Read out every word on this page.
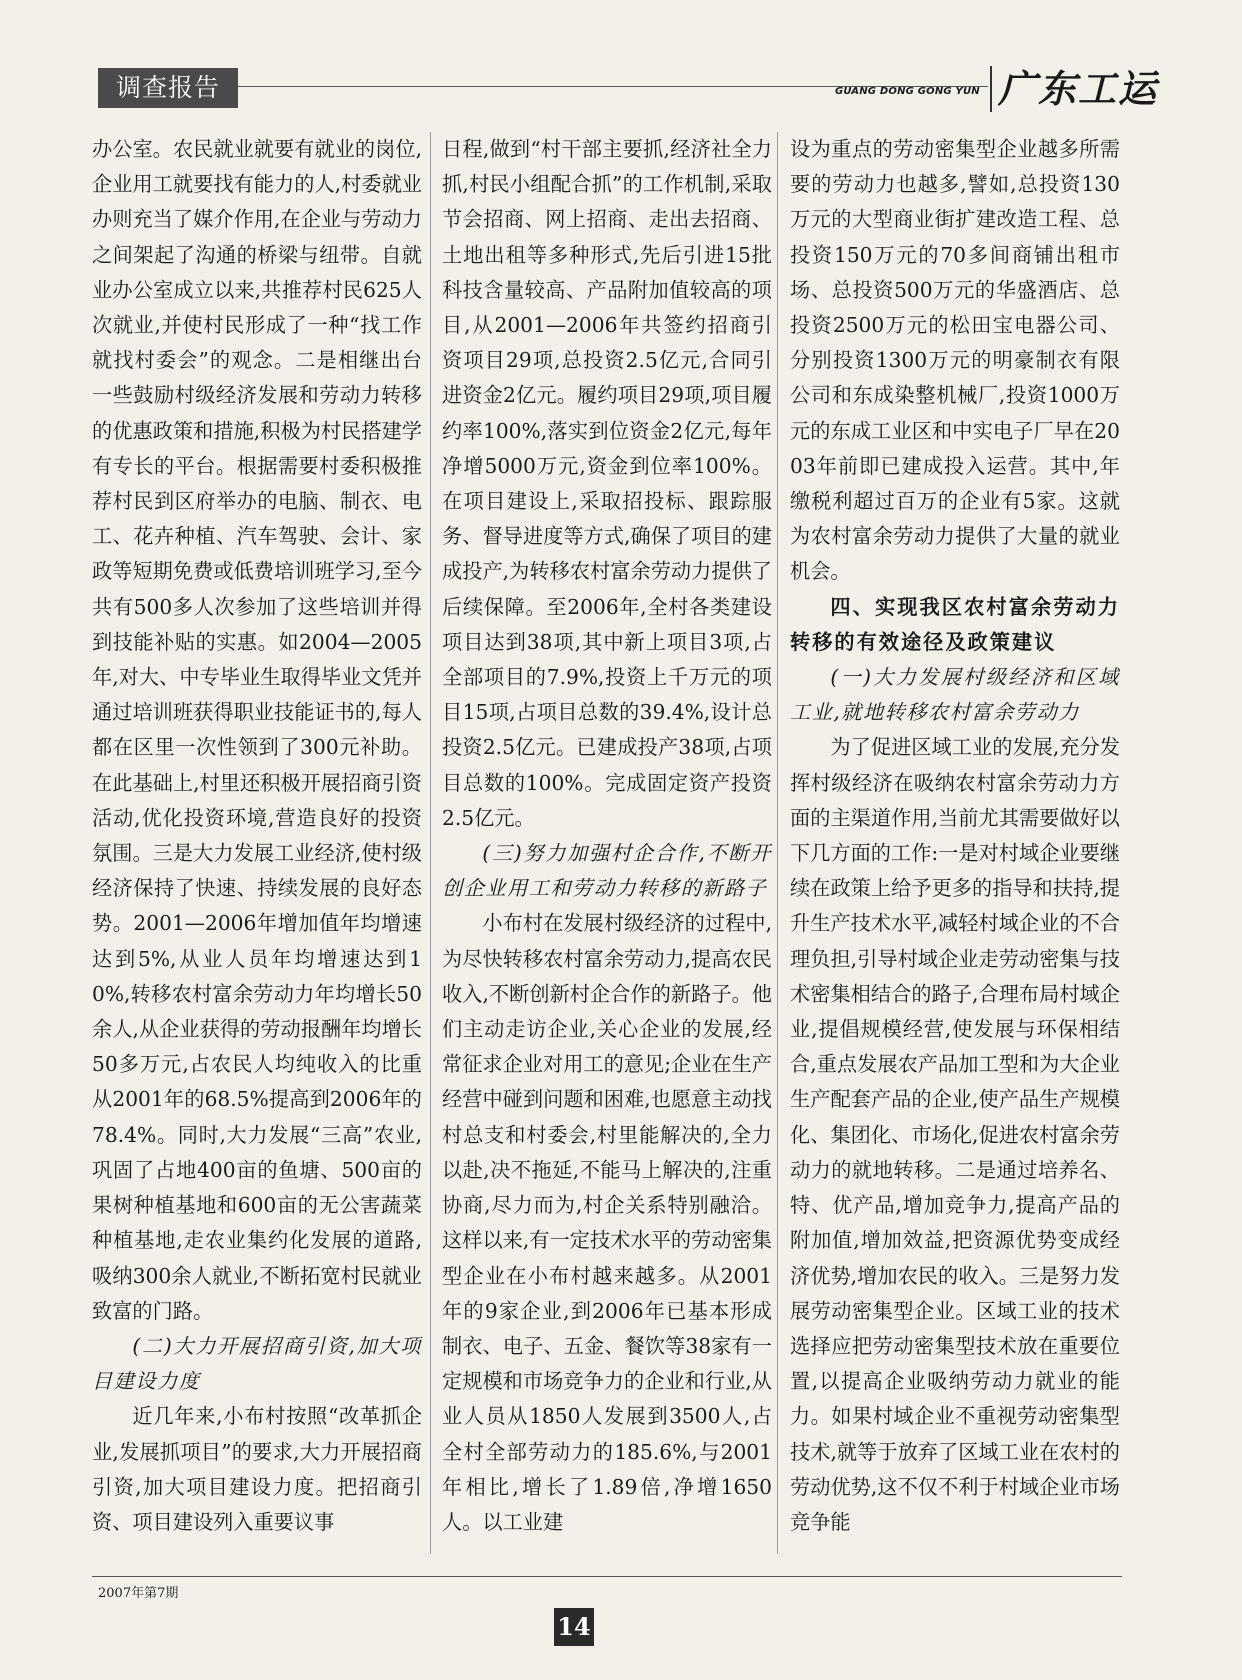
调查报告	GUANG DONG GONG YUN 广东工运

办公室。农民就业就要有就业的岗位,企业用工就要找有能力的人,村委就业办则充当了媒介作用,在企业与劳动力之间架起了沟通的桥梁与纽带。自就业办公室成立以来,共推荐村民625人次就业,并使村民形成了一种“找工作就找村委会”的观念。二是相继出台一些鼓励村级经济发展和劳动力转移的优惠政策和措施,积极为村民搭建学有专长的平台。根据需要村委积极推荐村民到区府举办的电脑、制衣、电工、花卉种植、汽车驾驶、会计、家政等短期免费或低费培训班学习,至今共有500多人次参加了这些培训并得到技能补贴的实惠。如2004—2005年,对大、中专毕业生取得毕业文凭并通过培训班获得职业技能证书的,每人都在区里一次性领到了300元补助。在此基础上,村里还积极开展招商引资活动,优化投资环境,营造良好的投资氛围。三是大力发展工业经济,使村级经济保持了快速、持续发展的良好态势。2001—2006年增加值年均增速达到5%,从业人员年均增速达到10%,转移农村富余劳动力年均增长50余人,从企业获得的劳动报酬年均增长50多万元,占农民人均纯收入的比重从2001年的68.5%提高到2006年的78.4%。同时,大力发展“三高”农业,巩固了占地400亩的鱼塘、500亩的果树种植基地和600亩的无公害蔬菜种植基地,走农业集约化发展的道路,吸纳300余人就业,不断拓宽村民就业致富的门路。

(二)大力开展招商引资,加大项目建设力度

近几年来,小布村按照“改革抓企业,发展抓项目”的要求,大力开展招商引资,加大项目建设力度。把招商引资、项目建设列入重要议事

日程,做到“村干部主要抓,经济社全力抓,村民小组配合抓”的工作机制,采取节会招商、网上招商、走出去招商、土地出租等多种形式,先后引进15批科技含量较高、产品附加值较高的项目,从2001—2006年共签约招商引资项目29项,总投资2.5亿元,合同引进资金2亿元。履约项目29项,项目履约率100%,落实到位资金2亿元,每年净增5000万元,资金到位率100%。在项目建设上,采取招投标、跟踪服务、督导进度等方式,确保了项目的建成投产,为转移农村富余劳动力提供了后续保障。至2006年,全村各类建设项目达到38项,其中新上项目3项,占全部项目的7.9%,投资上千万元的项目15项,占项目总数的39.4%,设计总投资2.5亿元。已建成投产38项,占项目总数的100%。完成固定资产投资2.5亿元。

(三)努力加强村企合作,不断开创企业用工和劳动力转移的新路子

小布村在发展村级经济的过程中,为尽快转移农村富余劳动力,提高农民收入,不断创新村企合作的新路子。他们主动走访企业,关心企业的发展,经常征求企业对用工的意见;企业在生产经营中碰到问题和困难,也愿意主动找村总支和村委会,村里能解决的,全力以赴,决不拖延,不能马上解决的,注重协商,尽力而为,村企关系特别融洽。这样以来,有一定技术水平的劳动密集型企业在小布村越来越多。从2001年的9家企业,到2006年已基本形成制衣、电子、五金、餐饮等38家有一定规模和市场竞争力的企业和行业,从业人员从1850人发展到3500人,占全村全部劳动力的185.6%,与2001年相比,增长了1.89倍,净增1650人。以工业建

设为重点的劳动密集型企业越多所需要的劳动力也越多,譬如,总投资130万元的大型商业街扩建改造工程、总投资150万元的70多间商铺出租市场、总投资500万元的华盛酒店、总投资2500万元的松田宝电器公司、分别投资1300万元的明豪制衣有限公司和东成染整机械厂,投资1000万元的东成工业区和中实电子厂早在2003年前即已建成投入运营。其中,年缴税利超过百万的企业有5家。这就为农村富余劳动力提供了大量的就业机会。

四、实现我区农村富余劳动力转移的有效途径及政策建议

(一)大力发展村级经济和区域工业,就地转移农村富余劳动力

为了促进区域工业的发展,充分发挥村级经济在吸纳农村富余劳动力方面的主渠道作用,当前尤其需要做好以下几方面的工作:一是对村域企业要继续在政策上给予更多的指导和扶持,提升生产技术水平,减轻村域企业的不合理负担,引导村域企业走劳动密集与技术密集相结合的路子,合理布局村域企业,提倡规模经营,使发展与环保相结合,重点发展农产品加工型和为大企业生产配套产品的企业,使产品生产规模化、集团化、市场化,促进农村富余劳动力的就地转移。二是通过培养名、特、优产品,增加竞争力,提高产品的附加值,增加效益,把资源优势变成经济优势,增加农民的收入。三是努力发展劳动密集型企业。区域工业的技术选择应把劳动密集型技术放在重要位置,以提高企业吸纳劳动力就业的能力。如果村域企业不重视劳动密集型技术,就等于放弃了区域工业在农村的劳动优势,这不仅不利于村域企业市场竞争能

2007年第7期
14
